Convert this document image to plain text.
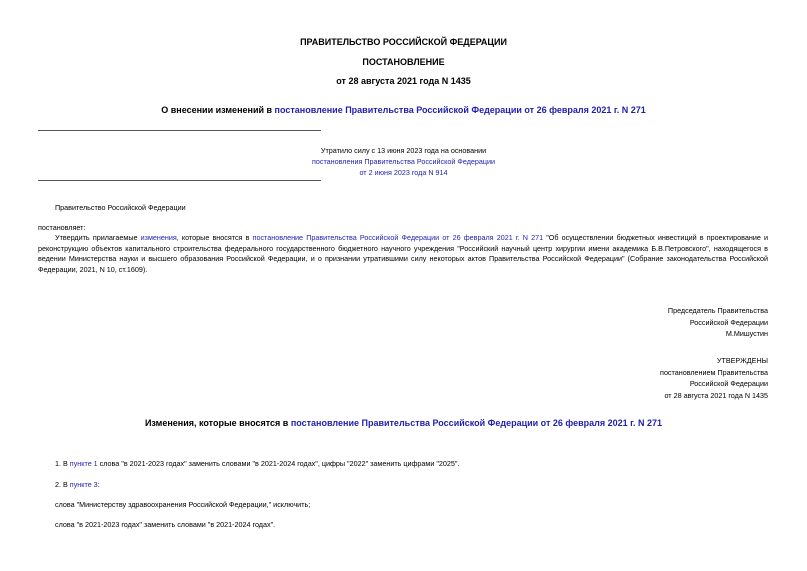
ПРАВИТЕЛЬСТВО РОССИЙСКОЙ ФЕДЕРАЦИИ
ПОСТАНОВЛЕНИЕ
от 28 августа 2021 года N 1435
О внесении изменений в постановление Правительства Российской Федерации от 26 февраля 2021 г. N 271
Утратило силу с 13 июня 2023 года на основании
постановления Правительства Российской Федерации
от 2 июня 2023 года N 914
Правительство Российской Федерации
постановляет:
Утвердить прилагаемые изменения, которые вносятся в постановление Правительства Российской Федерации от 26 февраля 2021 г. N 271 "Об осуществлении бюджетных инвестиций в проектирование и реконструкцию объектов капитального строительства федерального государственного бюджетного научного учреждения "Российский научный центр хирургии имени академика Б.В.Петровского", находящегося в ведении Министерства науки и высшего образования Российской Федерации, и о признании утратившими силу некоторых актов Правительства Российской Федерации" (Собрание законодательства Российской Федерации, 2021, N 10, ст.1609).
Председатель Правительства
Российской Федерации
М.Мишустин
УТВЕРЖДЕНЫ
постановлением Правительства
Российской Федерации
от 28 августа 2021 года N 1435
Изменения, которые вносятся в постановление Правительства Российской Федерации от 26 февраля 2021 г. N 271
1. В пункте 1 слова "в 2021-2023 годах" заменить словами "в 2021-2024 годах", цифры "2022" заменить цифрами "2025".
2. В пункте 3:
слова "Министерству здравоохранения Российской Федерации," исключить;
слова "в 2021-2023 годах" заменить словами "в 2021-2024 годах".
